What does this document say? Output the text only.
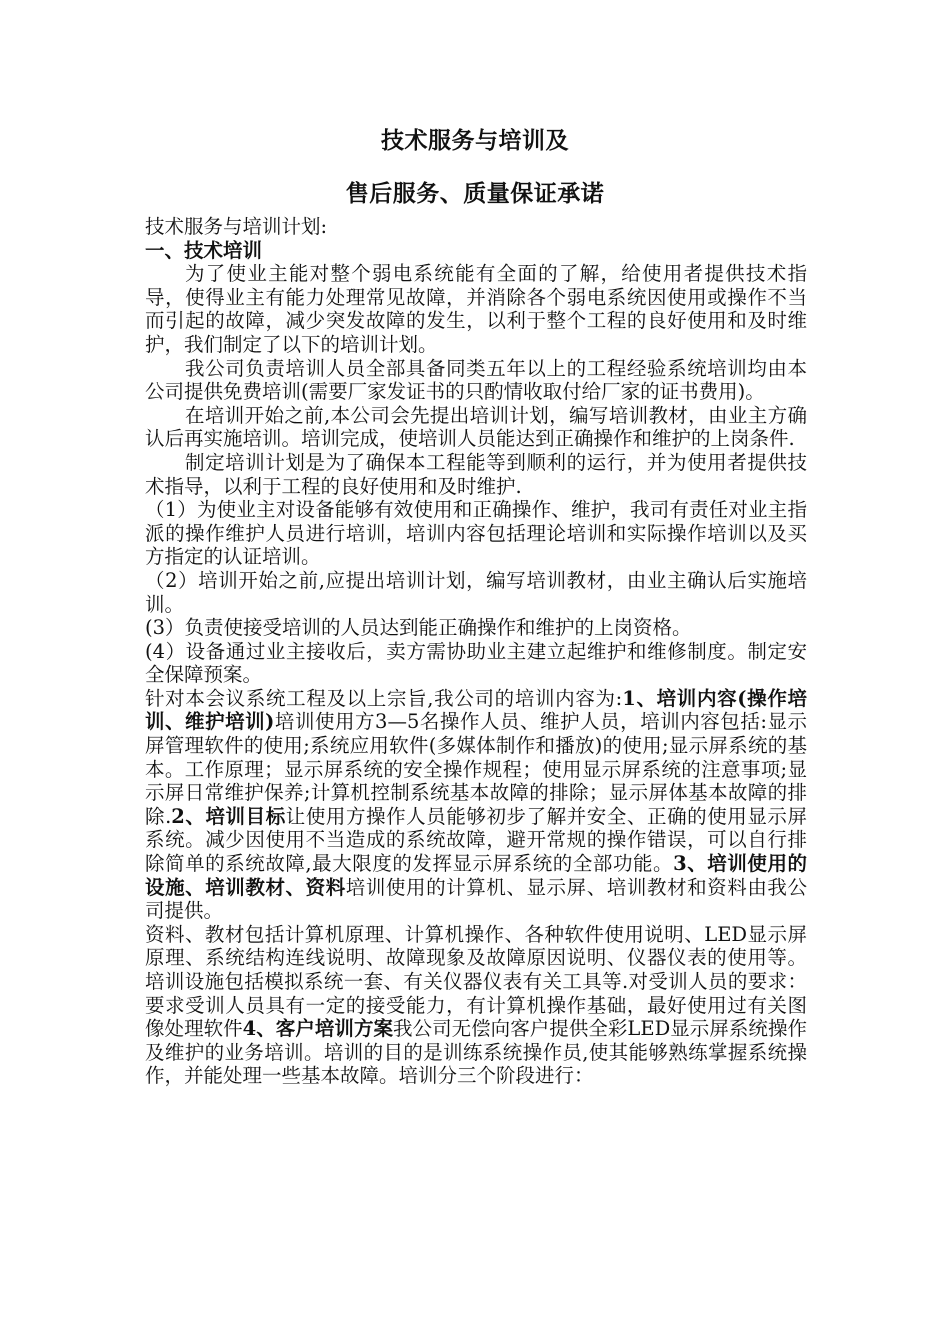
技术服务与培训及
售后服务、质量保证承诺

技术服务与培训计划:

一、技术培训

为了使业主能对整个弱电系统能有全面的了解，给使用者提供技术指导，使得业主有能力处理常见故障，并消除各个弱电系统因使用或操作不当而引起的故障，减少突发故障的发生，以利于整个工程的良好使用和及时维护，我们制定了以下的培训计划。

我公司负责培训人员全部具备同类五年以上的工程经验系统培训均由本公司提供免费培训(需要厂家发证书的只酌情收取付给厂家的证书费用)。

在培训开始之前,本公司会先提出培训计划，编写培训教材，由业主方确认后再实施培训。培训完成，使培训人员能达到正确操作和维护的上岗条件.

制定培训计划是为了确保本工程能等到顺利的运行，并为使用者提供技术指导，以利于工程的良好使用和及时维护.

（1）为使业主对设备能够有效使用和正确操作、维护，我司有责任对业主指派的操作维护人员进行培训，培训内容包括理论培训和实际操作培训以及买方指定的认证培训。

（2）培训开始之前,应提出培训计划，编写培训教材，由业主确认后实施培训。

(3）负责使接受培训的人员达到能正确操作和维护的上岗资格。

(4）设备通过业主接收后，卖方需协助业主建立起维护和维修制度。制定安全保障预案。

针对本会议系统工程及以上宗旨,我公司的培训内容为:1、培训内容(操作培训、维护培训)培训使用方3—5名操作人员、维护人员，培训内容包括:显示屏管理软件的使用;系统应用软件(多媒体制作和播放)的使用;显示屏系统的基本。工作原理；显示屏系统的安全操作规程；使用显示屏系统的注意事项;显示屏日常维护保养;计算机控制系统基本故障的排除；显示屏体基本故障的排除.2、培训目标让使用方操作人员能够初步了解并安全、正确的使用显示屏系统。减少因使用不当造成的系统故障，避开常规的操作错误，可以自行排除简单的系统故障,最大限度的发挥显示屏系统的全部功能。3、培训使用的设施、培训教材、资料培训使用的计算机、显示屏、培训教材和资料由我公司提供。

资料、教材包括计算机原理、计算机操作、各种软件使用说明、LED显示屏原理、系统结构连线说明、故障现象及故障原因说明、仪器仪表的使用等。培训设施包括模拟系统一套、有关仪器仪表有关工具等.对受训人员的要求：要求受训人员具有一定的接受能力，有计算机操作基础，最好使用过有关图像处理软件4、客户培训方案我公司无偿向客户提供全彩LED显示屏系统操作及维护的业务培训。培训的目的是训练系统操作员,使其能够熟练掌握系统操作，并能处理一些基本故障。培训分三个阶段进行：
